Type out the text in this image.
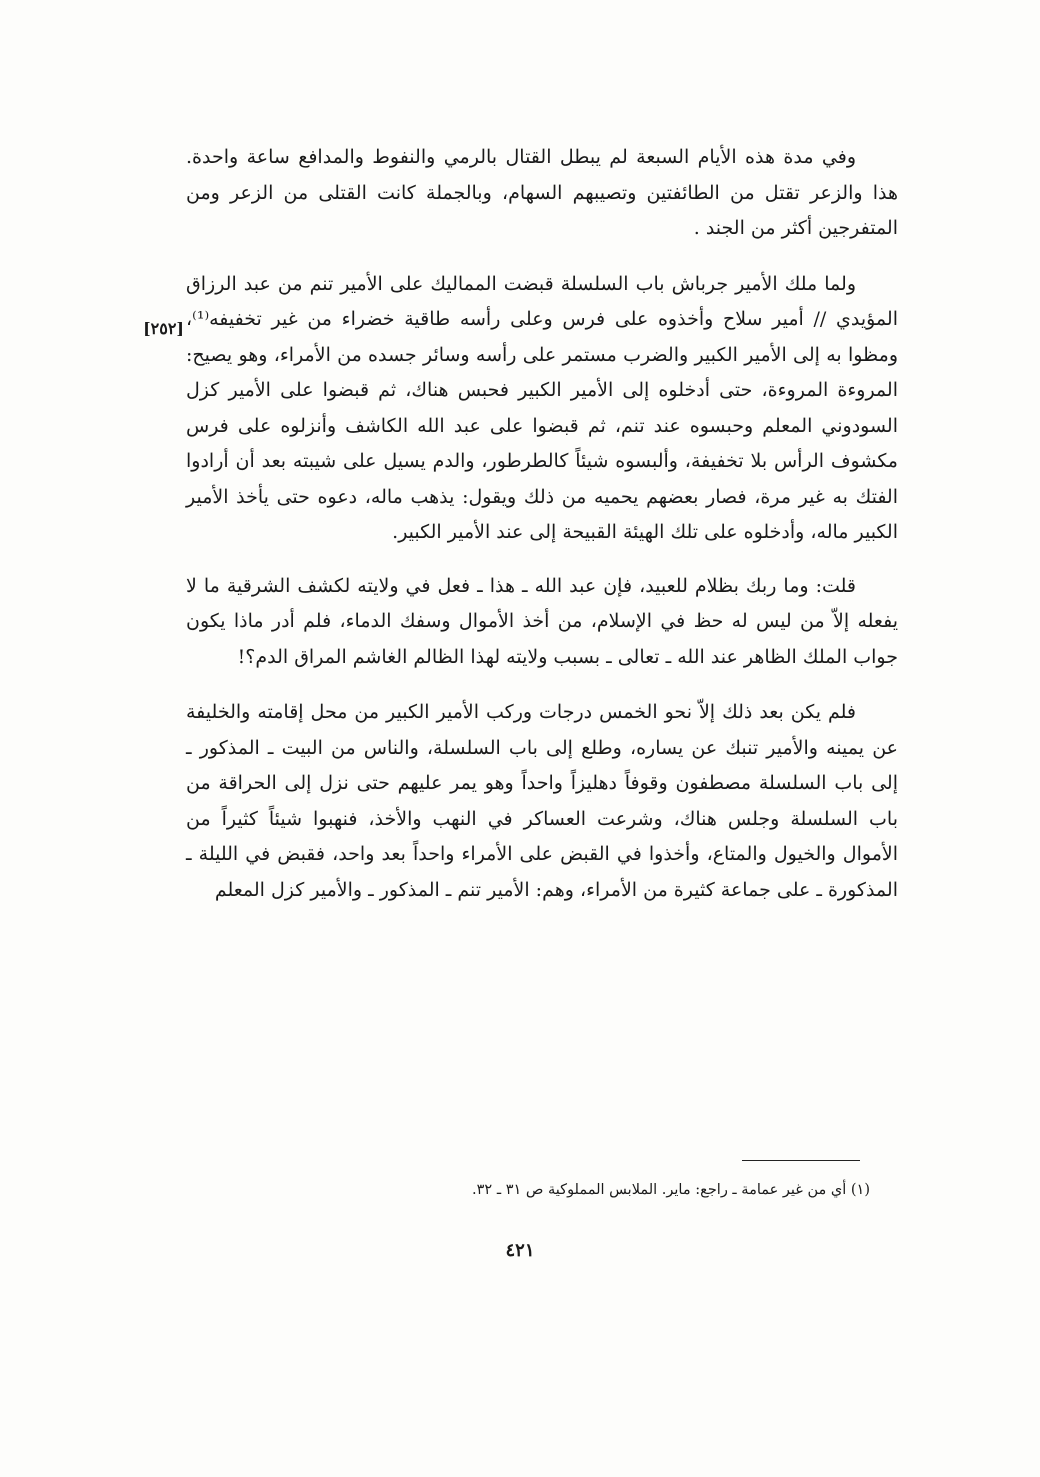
وفي مدة هذه الأيام السبعة لم يبطل القتال بالرمي والنفوط والمدافع ساعة واحدة. هذا والزعر تقتل من الطائفتين وتصيبهم السهام، وبالجملة كانت القتلى من الزعر ومن المتفرجين أكثر من الجند .

ولما ملك الأمير جرباش باب السلسلة قبضت المماليك على الأمير تنم من عبد الرزاق المؤيدي // أمير سلاح وأخذوه على فرس وعلى رأسه طاقية خضراء من غير تخفيفه⁽¹⁾، ومظوا به إلى الأمير الكبير والضرب مستمر على رأسه وسائر جسده من الأمراء، وهو يصيح: المروءة المروءة، حتى أدخلوه إلى الأمير الكبير فحبس هناك، ثم قبضوا على الأمير كزل السودوني المعلم وحبسوه عند تنم، ثم قبضوا على عبد الله الكاشف وأنزلوه على فرس مكشوف الرأس بلا تخفيفة، وألبسوه شيئاً كالطرطور، والدم يسيل على شيبته بعد أن أرادوا الفتك به غير مرة، فصار بعضهم يحميه من ذلك ويقول: يذهب ماله، دعوه حتى يأخذ الأمير الكبير ماله، وأدخلوه على تلك الهيئة القبيحة إلى عند الأمير الكبير.

قلت: وما ربك بظلام للعبيد، فإن عبد الله ـ هذا ـ فعل في ولايته لكشف الشرقية ما لا يفعله إلاّ من ليس له حظ في الإسلام، من أخذ الأموال وسفك الدماء، فلم أدر ماذا يكون جواب الملك الظاهر عند الله ـ تعالى ـ بسبب ولايته لهذا الظالم الغاشم المراق الدم؟!

فلم يكن بعد ذلك إلاّ نحو الخمس درجات وركب الأمير الكبير من محل إقامته والخليفة عن يمينه والأمير تنبك عن يساره، وطلع إلى باب السلسلة، والناس من البيت ـ المذكور ـ إلى باب السلسلة مصطفون وقوفاً دهليزاً واحداً وهو يمر عليهم حتى نزل إلى الحراقة من باب السلسلة وجلس هناك، وشرعت العساكر في النهب والأخذ، فنهبوا شيئاً كثيراً من الأموال والخيول والمتاع، وأخذوا في القبض على الأمراء واحداً بعد واحد، فقبض في الليلة ـ المذكورة ـ على جماعة كثيرة من الأمراء، وهم: الأمير تنم ـ المذكور ـ والأمير كزل المعلم

[٢٥٢]
(١) أي من غير عمامة ـ راجع: ماير. الملابس المملوكية ص ٣١ ـ ٣٢.
٤٢١
